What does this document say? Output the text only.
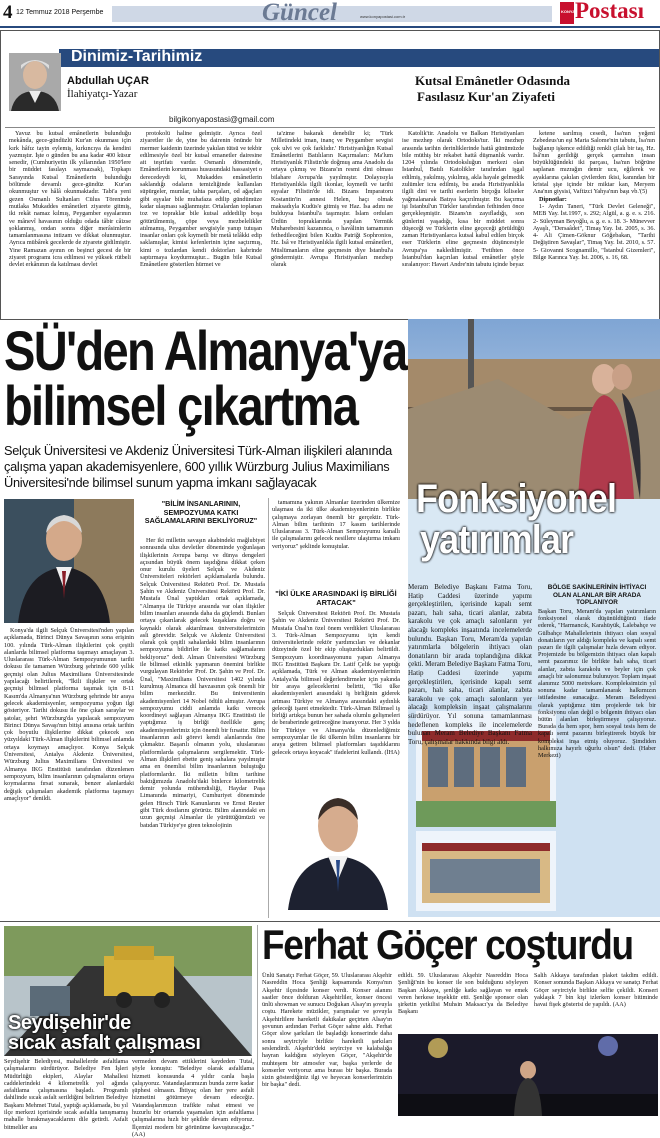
4 12 Temmuz 2018 Perşembe	Güncel	www.konyapostasi.com.tr
KONYA Postası
Dinimiz-Tarihimiz
Abdullah UÇAR
İlahiyatçı-Yazar
bilgikonyapostasi@gmail.com
Kutsal Emânetler Odasında
Fasılasız Kur'an Ziyafeti

Yavuz bu kutsal emânetlerin bulunduğu mekânda, gece-gündüzlü Kur'an okunması için kırk hâfız tayin eylemiş, kırkıncıya da kendini yazmıştır. İşte o günden bu ana kadar 400 küsur senedir, (Cumhuriyetin ilk yıllarından 1950'lere bir müddet fasılayı saymazsak), Topkapı Sarayında Kutsal Emânetlerin bulunduğu bölümde devamlı gece-gündüz Kur'an okunmuştur ve hâlâ okunmaktadır. Tabi'a yeni gezen Osmanlı Sultanları Cülus Töreninde mutlaka Mukaddes emânetleri ziyarete gitmiş, iki rekât namaz kılmış, Peygamber eşyalarının ve mânevî havasının olduğu odada tâbir câizse şoklanmış, ondan sonra diğer merâsimlerin tamamlanmasına intizam ve dikkat olunmuştur. Ayrıca mübârek gecelerde de ziyarete gidilmiştir. Yine Ramazan ayının on beşinci gecesi de bir ziyaret programı icra edilmesi ve yüksek rütbeli devlet erkânının da katılması devlet

protokolü haline gelmiştir. Ayrıca özel ziyaretler ile de, yine bu dairenin önünde bir mermer kaidenin üzerinde yakılan tütsü ve tekbir edilmesiyle özel bir kutsal emanetler dairesine ait teşrifatı vardır. Osmanlı döneminde, Emânetlerin korunması hususundaki hassasiyet o derecedeydi ki, Mukaddes emânetlerin saklandığı odaların temizliğinde kullanılan süpürgeler, mumlar, tahta parçaları, od ağaçları gibi eşyalar bile muhafaza edilip gündümüze kadar ulaşması sağlanmıştır. Ortalardan toplanan toz ve topraklar bile kutsal addedilip boşa götürülmemiş, çöpe veya mezbelelikler atılmamış, Peygamber sevgisiyle yanıp tutuşan insanlar onları çok kıymetli bir metâ telâkki edip saklamışlar, kimisi kefenlerinin içine saçtırmış, kimi o tozlardan kendi doktorları kabrinde saptırmaya koydurmuştur... Bugün bile Kutsal Emânetlere gösterilen hürmet ve

ta'zime bakarak denebilir ki; 'Türk Milletindeki iman, inanç ve Peygamber sevgisi çok ulvi ve çok farklıdır.' Hıristiyanlığın Kutsal Emânetlerini Batılıların Kaçırmaları: Ma'lum Hıristiyanlık Filistin'de doğmuş ama Anadolu da ortaya çıkmış ve Bizans'ın resmi dini olması bilahare Avrupa'da yayılmıştır. Dolayısıyla Hıristiyanlıkla ilgili ikonlar, kıymetli ve tarihi eşyalar Filistin'de idi. Bizans İmparatoru Kostantin'in annesi Helen, haçı olmak maksadıyla Kudüs'e gitmiş ve Haz. İsa adını ne bulduysa İstanbul'a taşımıştır. İslam orduları Ürdün topraklarında yapılan Yermük Muharebesini kazanınca, o havâlinin tamamının fethedileceğini bilen Kudüs Patriği Sophronios, Hz. İsâ ve Hıristiyanlıkla ilgili kutsal emânetleri, Müslümanların eline geçmesin diye İstanbul'a göndermiştir. Avrupa Hıristiyanları mezhep olarak

Katolik'tir. Anadolu ve Balkan Hıristiyanları ise mezhep olarak Ortodoks'tur. İki mezhep arasında tarihin derinliklerinde hattâ günümüzde bile müthiş bir rekabet hattâ düşmanlık vardır. 1204 yılında Ortodoksluğun merkezi olan İstanbul, Batılı Katolikler tarafından işgal edilmiş, yakılmış, yıkılmış, akla hayale gelmedik zulümler icra edilmiş, bu arada Hıristiyanlıkla ilgili dini ve tarihi eserlerin birçoğu kiliseler yağmalanarak Batıya kaçırılmıştır. Bu kaçırma işi İstanbul'un Türkler tarafından fethinden önce gerçekleşmiştir. Bizans'ın zayıfladığı, son günlerini yaşadığı, kısa bir müddet sonra düşeceği ve Türklerin eline geçeceği görüldüğü zaman Hıristiyanlarca kutsal kabul edilen birçok eser Türklerin eline geçmesin düşüncesiyle Avrupa'ya nakledilmiştir. 'Fetihten önce İstanbul'dan kaçırılan kutsal emânetler şöyle sıralanıyor: Havari Andre'nin tabutu içinde beyaz

ketene sarılmış cesedi, İsa'nın yeğeni Zebedeus'un eşi Maria Salome'nin tabutu, İsa'nın bağlanıp işkence edildiği renkli çilalı bir taş, Hz. İsâ'nın gerildiği gerçek çarmıhın insan büyüklüğündeki iki parçası, İsa'nın böğrüne saplanan mızrağın demir ucu, eğilerek ve ayaklarına çakılan çivilerden ikisi, kanından bir kristal şişe içinde bir miktar kan, Meryem Ana'nın giysisi, Vaftizci Yahya'nın başı vb.'(5)

Dipnotlar:

1- Aydın Taneri, "Türk Devlet Geleneği", MEB Yay. İst.1997, s. 292; Algül, a. g. e. s. 216. 2- Süleyman Beyoğlu, a. g. e. s. 18. 3- Münevver Ayaşlı, "Dersaâdet", Timaş Yay. İst. 2005, s. 36. 4- Ali Çimen-Göknur Göğebakan, "Tarihi Değiştiren Savaşlar", Timaş Yay. İst. 2010, s. 57. 5- Giovanni Scognamillo, "İstanbul Gizemleri", Bilge Karınca Yay. İst. 2006, s. 16, 68.

SÜ'den Almanya'ya
bilimsel çıkartma
Selçuk Üniversitesi ve Akdeniz Üniversitesi Türk-Alman ilişkileri alanında çalışma yapan akademisyenlere, 600 yıllık Würzburg Julius Maximilians Üniversitesi'nde bilimsel sunum yapma imkanı sağlayacak
"BİLİM İNSANLARININ, SEMPOZYUMA KATKI SAĞLAMALARINI BEKLİYORUZ"

Her iki milletin savaşın akabindeki mağlubiyet sonrasında ulus devletler döneminde yoğunlaşan ilişkilerinin Avrupa barışı ve dünya dengeleri açısından büyük önem taşıdığına dikkat çeken onur kurulu üyeleri Selçuk ve Akdeniz Üniversiteleri rektörleri açıklamalarda bulundu. Selçuk Üniversitesi Rektörü Prof. Dr. Mustafa Şahin ve Akdeniz Üniversitesi Rektörü Prof. Dr. Mustafa Ünal yaptıkları ortak açıklamada, "Almanya ile Türkiye arasında var olan ilişkiler bilim insanları arasında daha da güçlendi. Bunları ortaya çıkarılarak gelecek kuşaklara doğru ve kaynaklı olarak aktarılması üniversitelerimizin asli görevidir. Selçuk ve Akdeniz Üniversitesi olarak çok çeşitli sahalardaki bilim insanlarının sempozyuma bildiriler ile katkı sağlamalarını bekliyoruz" dedi. Alman Üniversitesi Würzburg ile bilimsel etkinlik yapmanın önemini birlikte vurgulayan Rektörler Prof. Dr. Şahin ve Prof. Dr. Ünal, "Maximilians Üniversitesi 1402 yılında kurulmuş Almanca dil havzasının çok önemli bir bilim merkezidir. Bu üniversitenin akademisyenleri 14 Nobel ödülü almıştır. Avrupa sempozyumu ciddi anlamda katkı verecek koordineyi sağlayan Almanya IKG Enstitüsü ile yaptığımız iş birliği özellikle genç akademisyenlerimiz için önemli bir fırsattır. Bilim insanlarının asli görevi kendi alanlarında öne çıkmaktır. Başarılı olmanın yolu, uluslararası platformlarda çalışmalarını sergilemektir. Türk-Alman ilişkileri ebette geniş sahalara yayılmıştır ama en önemlisi bilim insanlarının buluştuğu platformlardır. İki milletin bilim tarihine baktığımızda Anadolu'daki binlerce kilometrelik demir yolunda mühendisliği, Haydar Paşa Limanında mimariyi, Cumhuriyet döneminde gelen Hirsch Türk Kanunlarını ve Ernst Reuter gibi Türk dostlarını görürüz. Bilim alanındaki en uzun geçmişi Almanlar ile yürüttüğümüzü ve batıdan Türkiye'ye giren teknolojinin

Konya'da ilgili Selçuk Üniversitesi'nden yapılan açıklamada, Birinci Dünya Savaşının sona erişinin 100. yılında Türk-Alman ilişkilerini çok çeşitli alanlarda bilimsel platforma taşımayı amaçlayan 3. Uluslararası Türk-Alman Sempozyumunun tarihi dokusu ile tamamen Würzburg şehrinde 600 yıllık geçmişi olan Julius Maximilians Üniversitesinde yapılacağı belirtilerek, "İkili ilişkiler ve ortak geçmişi bilimsel platforma taşımak için 8-11 Kasım'da Almanya'nın Würzburg şehrinde bir araya gelecek akademisyenler, sempozyuma yoğun ilgi gösteriyor. Tarihi dokusu ile öne çıkan saraylar ve şatolar, şehri Würzburg'da yapılacak sempozyum Birinci Dünya Savaşı'nın bitişi anısına ortak tarihin çok boyutlu ilişkilerine dikkat çekecek son yüzyıldaki Türk-Alman ilişkilerini bilimsel anlamda ortaya koymayı amaçlıyor. Konya Selçuk Üniversitesi, Antalya Akdeniz Üniversitesi, Würzburg Julius Maximilians Üniversitesi ve Almanya IKG Enstitüsü tarafından düzenlenen sempozyum, bilim insanlarının çalışmalarını ortaya koymalarına fırsat sunarak, benzer alanlardaki değişik çalışmaları akademik platforma taşımayı amaçlıyor" denildi.

tamamına yakının Almanlar üzerinden ülkemize ulaşması da iki ülke akademisyenlerinin birlikte çalışmaya zorlayan önemli bir gerçektir. Türk-Alman bilim tarihinin 17 kasım tarihlerinde Uluslararası 3. Türk-Alman Sempozyumu kanallı ile çalışmalarını gelecek nesillere ulaştırma imkanı veriyoruz" şeklinde konuştular.

"İKİ ÜLKE ARASINDAKİ İŞ BİRLİĞİ ARTACAK"

Selçuk Üniversitesi Rektörü Prof. Dr. Mustafa Şahin ve Akdeniz Üniversitesi Rektörü Prof. Dr. Mustafa Ünal'ın özel önem verdikleri Uluslararası 3. Türk-Alman Sempozyumu için kendi üniversitelerinde rektör yardımcıları ve dekanlar düzeyinde özel bir ekip oluşturdukları belirtildi. Sempozyum koordinasyonunu yapan Almanya IKG Enstitüsü Başkanı Dr. Latif Çelik ise yaptığı açıklamada, Türk ve Alman akademisyenlerinin Antalya'da bilimsel değerlendirmeler için yakında bir araya geleceklerini belirtti, "İki ülke akademisyenleri arasındaki iş birliğinin giderek artması Türkiye ve Almanya arasındaki aydınlık geleceği işaret etmektedir. Türk-Alman Bilimsel iş birliği artıkça bunun her sahada olumlu gelişmeleri de beraberinde getireceğine inanıyoruz. Her 3 yılda bir Türkiye ve Almanya'da düzenlediğimiz sempozyumlar ile iki ülkenin bilim insanlarını bir araya getiren bilimsel platformları taşıdıklarını gelecek ortaya koyacak" ifadelerini kullandı. (İHA)

Fonksiyonel
yatırımlar
Meram Belediye Başkanı Fatma Toru, Hatip Caddesi üzerinde yapımı gerçekleştirilen, içerisinde kapalı semt pazarı, halı saha, ticari alanlar, zabıta karakolu ve çok amaçlı salonların yer alacağı kompleks inşaatında incelemelerde bulundu. Başkan Toru, Meram'da yapılan yatırımlarla bölgelerin ihtiyacı olan donatıların bir arada toplandığına dikkat çekti. Meram Belediye Başkanı Fatma Toru, Hatip Caddesi üzerinde yapımı gerçekleştirilen, içerisinde kapalı semt pazarı, halı saha, ticari alanlar, zabıta karakolu ve çok amaçlı salonların yer alacağı kompleksin inşaat çalışmalarını sürdürüyor. Yıl sonuna tamamlanması hedeflenen kompleks ile incelemelerde bulunan Meram Belediye Başkanı Fatma Toru, çalışmalar hakkında bilgi aldı.
BÖLGE SAKİNLERİNİN İHTİYACI OLAN ALANLAR BİR ARADA TOPLANIYOR
Başkan Toru, Meram'da yapılan yatırımların fonksiyonel olarak düşünüldüğünü ifade ederek, "Harmancık, Karahüyük, Lalebahçe ve Gülbahçe Mahallelerinin ihtiyacı olan sosyal donatıların yer aldığı kompleks ve kapalı semt pazarı ile ilgili çalışmalar hızla devam ediyor. Projemizde bu bölgemizin ihtiyacı olan kapalı semt pazarımız ile birlikte halı saha, ticari alanlar, zabıta karakolu ve beyler için çok amaçlı bir salonumuz bulunuyor. Toplam inşaat alanımız 5000 metrekare. Kompleksimizin yıl sonuna kadar tamamlanarak halkımızın istifadesine sunacağız. Meram Belediyesi olarak yaptığımız tüm projelerde tek bir fonksiyonu olan değil o bölgenin ihtiyacı olan bütün alanları birleştirmeye çalışıyoruz. Burada da hem spor, hem sosyal tesis hem de kapalı semt pazarını birleştirerek büyük bir kompleksi inşa etmiş oluyoruz. Şimdiden halkımıza hayırlı uğurlu olsun" dedi. (Haber Merkezi)
Seydişehir'de
sıcak asfalt çalışması
Seydişehir Belediyesi, mahallelerde asfaltlama çalışmalarını sürdürüyor. Belediye Fen İşleri Müdürlüğü ekipleri, Alaylar Mahallesi caddelerindeki 4 kilometrelik yol ağında asfaltlama çalışmasına başladı. Programlı dahilinde sıcak asfalt serildiğini belirten Belediye Başkanı Mehmet Tutal, yaptığı açıklamada, bu yıl ilçe merkezi içerisinde sıcak asfaltla tanışmamış mahalle bırakmayacaklarını dile getirdi. Asfalt bitmeliler ara
vermeden devam ettiklerini kaydeden Tutal, şöyle konuştu: "Belediye olarak asfaltlama hizmeti konusunda 4 yıldır canla başla çalışıyoruz. Vatandaşlarımızın bunda zerre kadar şüphesi olmasın. İhtiyaç olan her yere asfalt hizmetini götürmeye devam edeceğiz. Vatandaşlarımızın trafikte rahat etmesi ve huzurlu bir ortamda yaşamaları için asfaltlama çalışmalarına hızlı bir şekilde devam ediyoruz. İlçemizi modern bir görünüme kavuşturacağız." (AA)
Ferhat Göçer coşturdu
Ünlü Sanatçı Ferhat Göçer, 59. Uluslararası Akşehir Nasreddin Hoca Şenliği kapsamında Konya'nın Akşehir ilçesinde konser verdi. Konser alanını saatler önce dolduran Akşehirliler, konser öncesi ünlü showman ve sunucu Doğukan Alsay'ın şovuyla coştu. Harekete müzikler, yarışmalar ve şovuyla Akşehirlilere hareketli dakikalar geçirten Alsay'ın şovunun ardından Ferhat Göçer sahne aldı. Ferhat Göçer slow şarkıları ile başladığı konserinde daha sonra seyirciyle birlikte hareketli şarkıları seslendirdi. Akşehir'deki seyirciye ve kalabalığa hayran kaldığını söyleyen Göçer, "Akşehir'de muhteşem bir atmosfer var, başka yerlerde de konserler veriyoruz ama burası bir başka. Burada sizin gösterdiğiniz ilgi ve heyecan konserlerimizin bir başka" dedi.
edildi. 59. Uluslararası Akşehir Nasreddin Hoca Şenliği'nin bu konser ile son bulduğunu söyleyen Başkan Akkaya, şenliğe katkı sağlayan ve emek veren herkese teşekkür etti. Şenliğe sponsor olan şirketin yetkilisi Muhsin Maksacı'ya da Belediye Başkanı
Salih Akkaya tarafından plaket takdim edildi. Konser sonunda Başkan Akkaya ve sanatçı Ferhat Göçer seyirciyle birlikte selfie çekildi. Konseri yaklaşık 7 bin kişi izlerken konser bitiminde havai fişek gösterisi de yapıldı. (AA)
